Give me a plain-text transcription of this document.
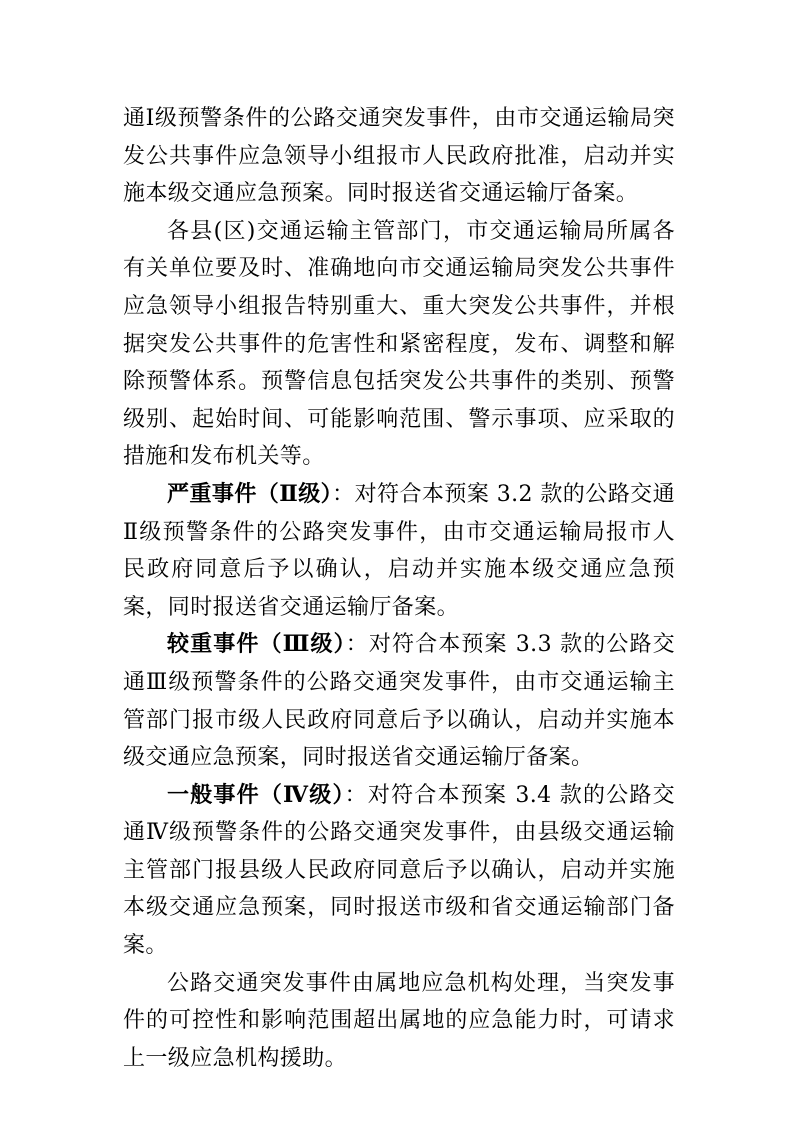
通Ⅰ级预警条件的公路交通突发事件，由市交通运输局突发公共事件应急领导小组报市人民政府批准，启动并实施本级交通应急预案。同时报送省交通运输厅备案。

各县(区)交通运输主管部门，市交通运输局所属各有关单位要及时、准确地向市交通运输局突发公共事件应急领导小组报告特别重大、重大突发公共事件，并根据突发公共事件的危害性和紧密程度，发布、调整和解除预警体系。预警信息包括突发公共事件的类别、预警级别、起始时间、可能影响范围、警示事项、应采取的措施和发布机关等。

严重事件（Ⅱ级）：对符合本预案 3.2 款的公路交通Ⅱ级预警条件的公路突发事件，由市交通运输局报市人民政府同意后予以确认，启动并实施本级交通应急预案，同时报送省交通运输厅备案。

较重事件（Ⅲ级）：对符合本预案 3.3 款的公路交通Ⅲ级预警条件的公路交通突发事件，由市交通运输主管部门报市级人民政府同意后予以确认，启动并实施本级交通应急预案，同时报送省交通运输厅备案。

一般事件（Ⅳ级）：对符合本预案 3.4 款的公路交通Ⅳ级预警条件的公路交通突发事件，由县级交通运输主管部门报县级人民政府同意后予以确认，启动并实施本级交通应急预案，同时报送市级和省交通运输部门备案。

公路交通突发事件由属地应急机构处理，当突发事件的可控性和影响范围超出属地的应急能力时，可请求上一级应急机构援助。
